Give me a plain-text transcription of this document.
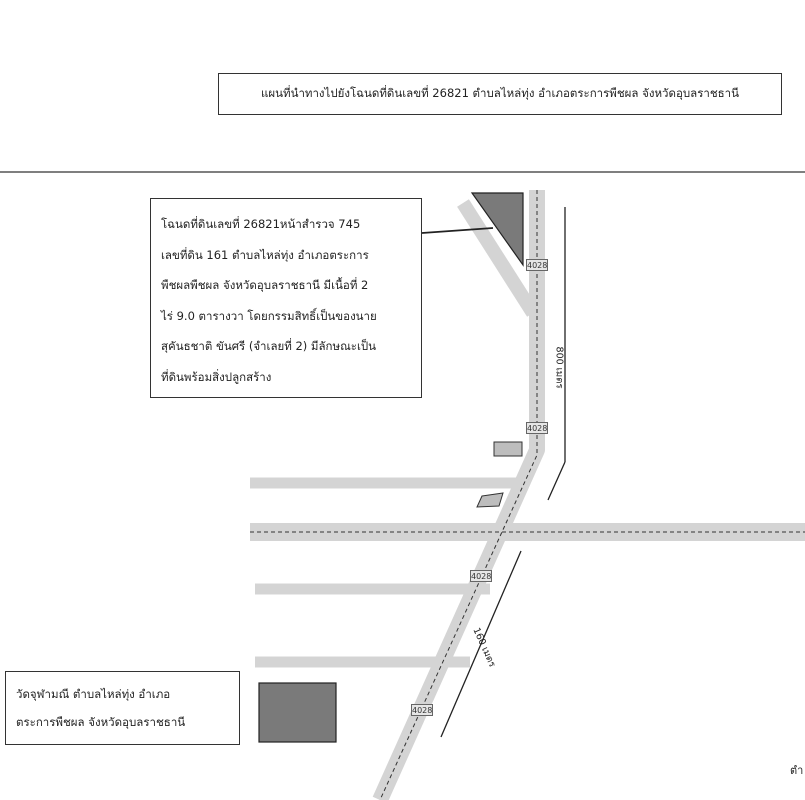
แผนที่นำทางไปยังโฉนดที่ดินเลขที่ 26821 ตำบลไหล่ทุ่ง อำเภอตระการพืชผล จังหวัดอุบลราชธานี
โฉนดที่ดินเลขที่ 26821หน้าสำรวจ 745
เลขที่ดิน 161 ตำบลไหล่ทุ่ง อำเภอตระการ
พืชผลพืชผล จังหวัดอุบลราชธานี มีเนื้อที่ 2
ไร่ 9.0 ตารางวา โดยกรรมสิทธิ์เป็นของนาย
สุคันธชาติ ขันศรี (จำเลยที่ 2) มีลักษณะเป็น
ที่ดินพร้อมสิ่งปลูกสร้าง
วัดจุฬามณี ตำบลไหล่ทุ่ง อำเภอ
ตระการพืชผล จังหวัดอุบลราชธานี
4028
4028
4028
4028
800 เมตร
160 เมตร
ตำ
